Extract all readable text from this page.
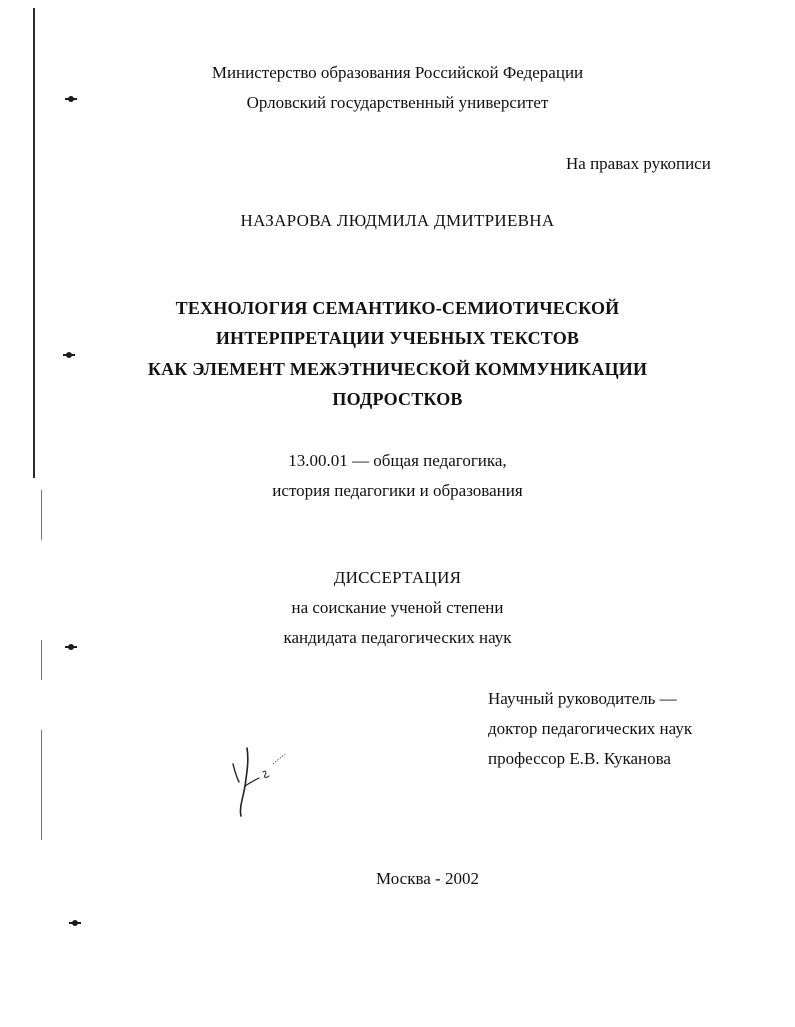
Министерство образования Российской Федерации
Орловский государственный университет
На правах рукописи
НАЗАРОВА ЛЮДМИЛА ДМИТРИЕВНА
ТЕХНОЛОГИЯ СЕМАНТИКО-СЕМИОТИЧЕСКОЙ
ИНТЕРПРЕТАЦИИ УЧЕБНЫХ ТЕКСТОВ
КАК ЭЛЕМЕНТ МЕЖЭТНИЧЕСКОЙ КОММУНИКАЦИИ
ПОДРОСТКОВ
13.00.01 — общая педагогика,
история педагогики и образования
ДИССЕРТАЦИЯ
на соискание ученой степени
кандидата педагогических наук
Научный руководитель —
доктор педагогических наук
профессор Е.В. Куканова
Москва - 2002
